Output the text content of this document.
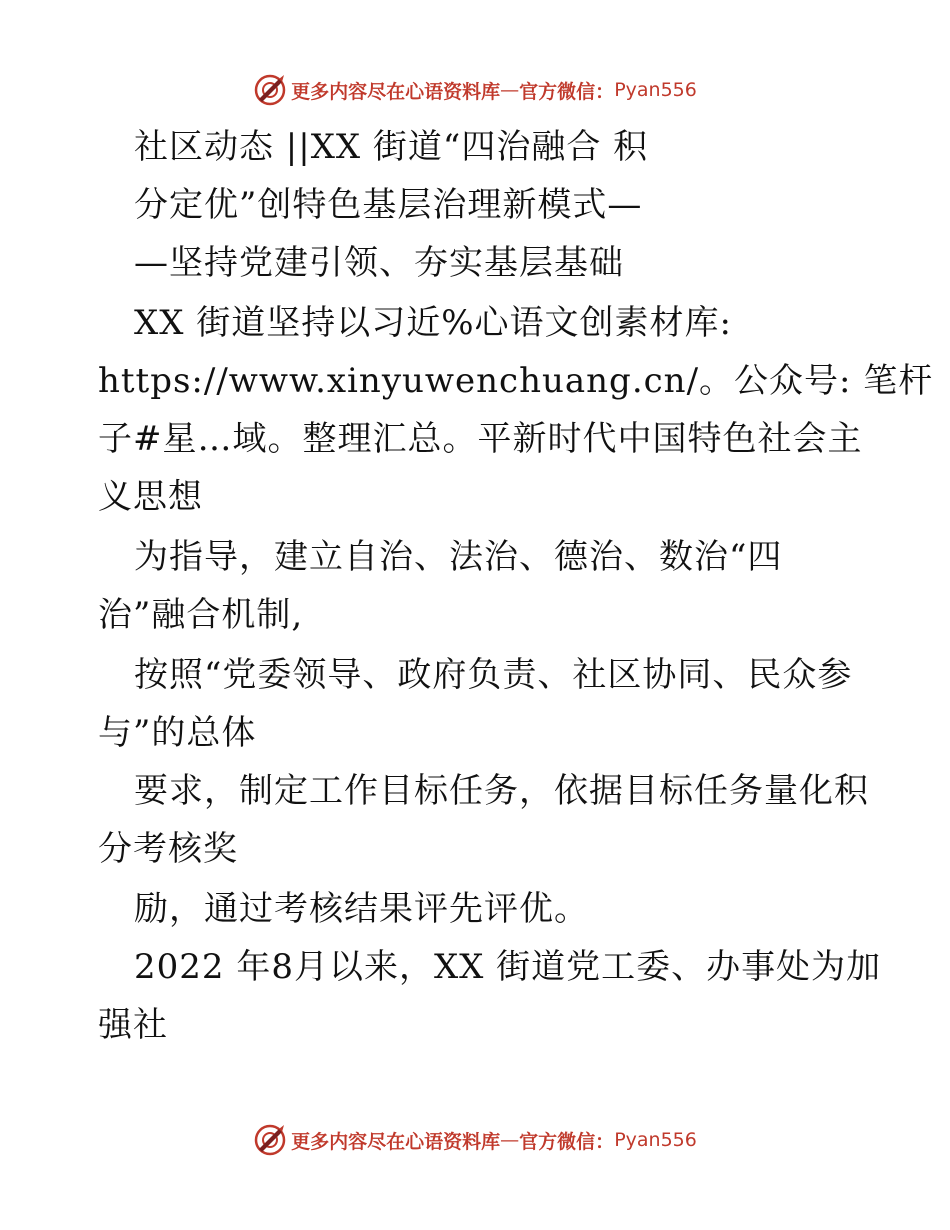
更多内容尽在心语资料库 — 官方微信： Pyan556
社区动态 ||XX 街道“四治融合 积
分定优”创特色基层治理新模式—
—坚持党建引领、夯实基层基础
XX 街道坚持以习近%心语文创素材库:
https://www.xinyuwenchuang.cn/。公众号: 笔杆
子#星…域。整理汇总。平新时代中国特色社会主
义思想
为指导，建立自治、法治、德治、数治“四
治”融合机制,
按照“党委领导、政府负责、社区协同、民众参
与”的总体
要求，制定工作目标任务，依据目标任务量化积
分考核奖
励，通过考核结果评先评优。
2022 年8月以来，XX 街道党工委、办事处为加
强社
更多内容尽在心语资料库 — 官方微信： Pyan556
